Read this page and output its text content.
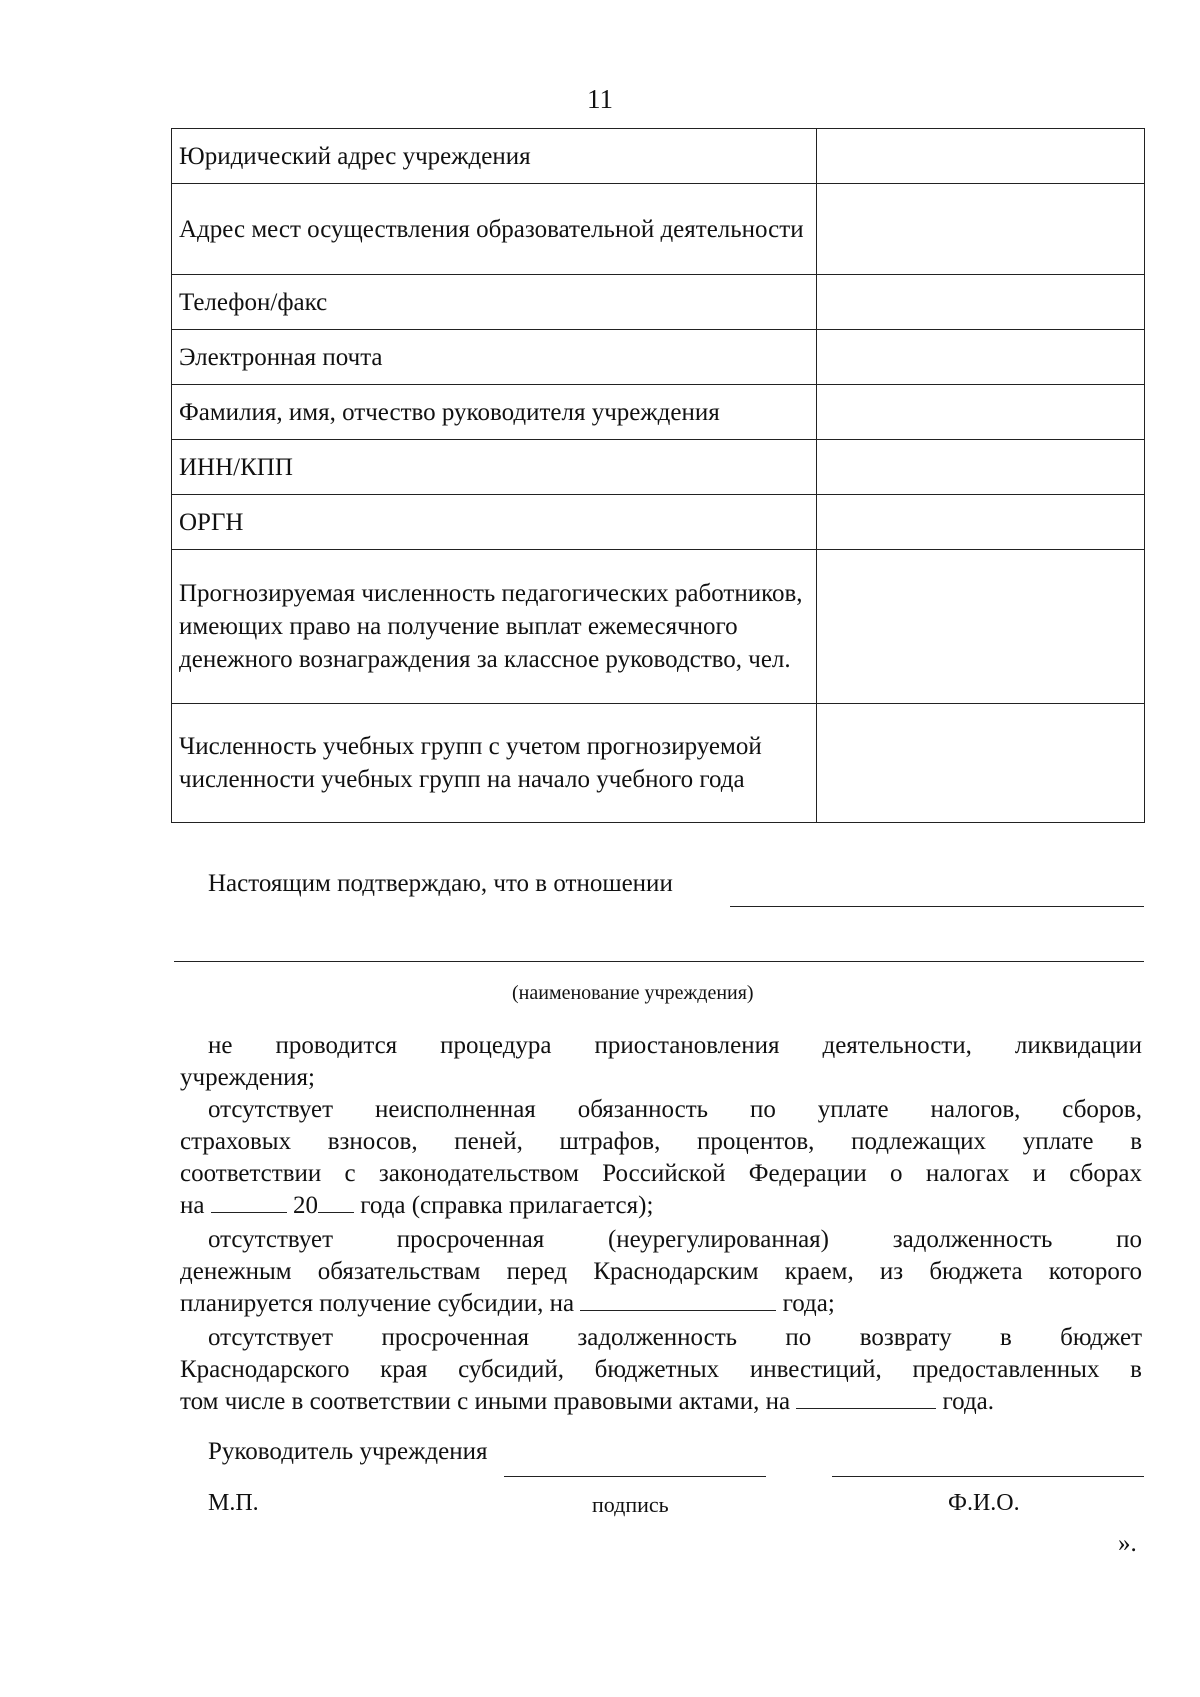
11
Юридический адрес учреждения	
Адрес мест осуществления образовательной деятельности	
Телефон/факс	
Электронная почта	
Фамилия, имя, отчество руководителя учреждения	
ИНН/КПП	
ОРГН	
Прогнозируемая численность педагогических работников, имеющих право на получение выплат ежемесячного денежного вознаграждения за классное руководство, чел.	
Численность учебных групп с учетом прогнозируемой численности учебных групп на начало учебного года	
Настоящим подтверждаю, что в отношении
(наименование учреждения)
не проводится процедура приостановления деятельности, ликвидации
учреждения;
отсутствует неисполненная обязанность по уплате налогов, сборов,
страховых взносов, пеней, штрафов, процентов, подлежащих уплате в
соответствии с законодательством Российской Федерации о налогах и сборах
на	20 года (справка прилагается);
отсутствует просроченная (неурегулированная) задолженность по
денежным обязательствам перед Краснодарским краем, из бюджета которого
планируется получение субсидии, на	года;
отсутствует просроченная задолженность по возврату в бюджет
Краснодарского края субсидий, бюджетных инвестиций, предоставленных в
том числе в соответствии с иными правовыми актами, на	года.
Руководитель учреждения
М.П.	подпись	Ф.И.О.
».
